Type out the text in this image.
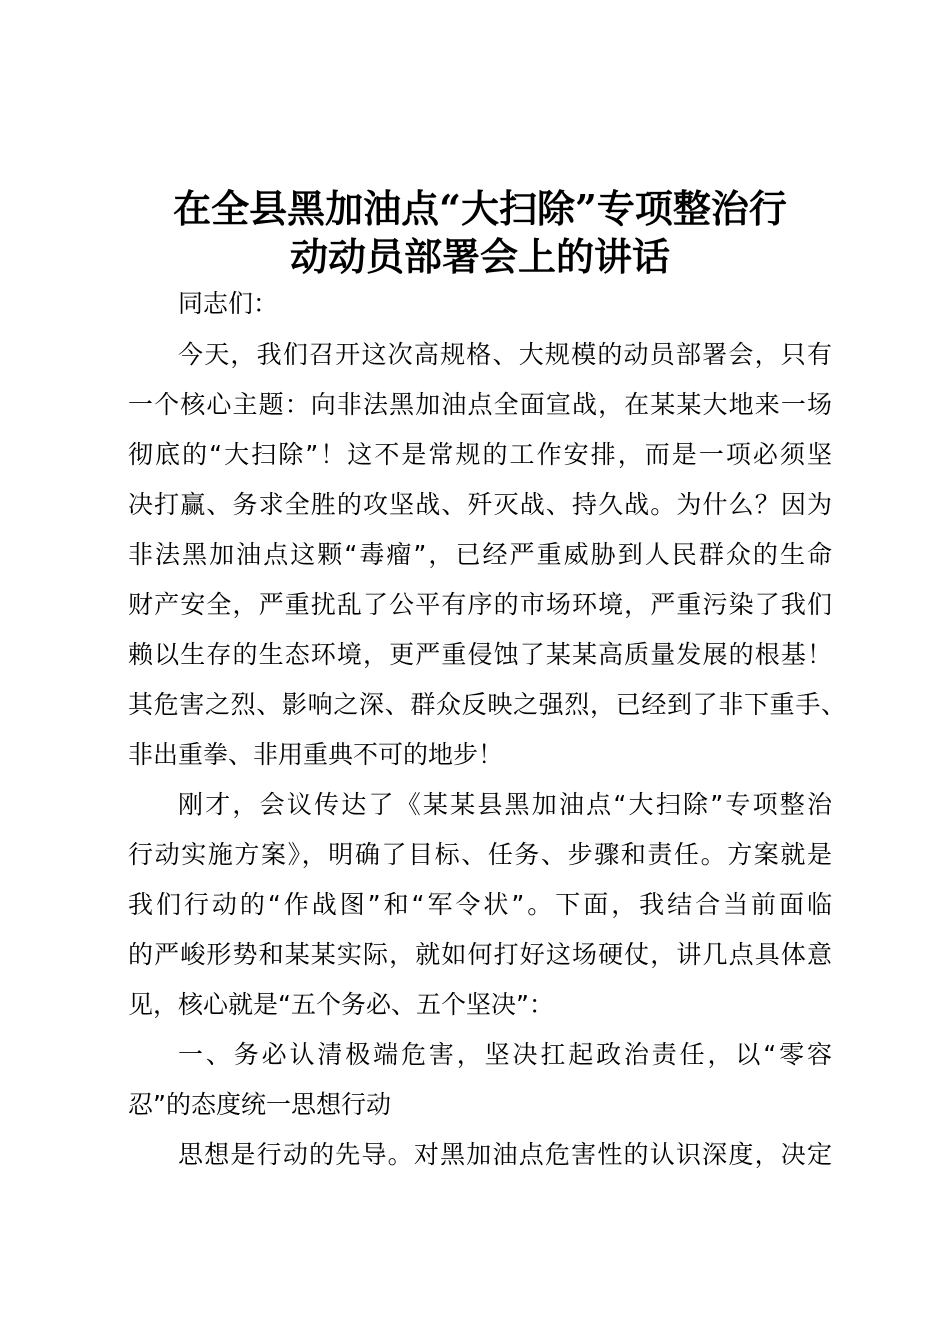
在全县黑加油点“大扫除”专项整治行
动动员部署会上的讲话
同志们：
今天，我们召开这次高规格、大规模的动员部署会，只有
一个核心主题：向非法黑加油点全面宣战，在某某大地来一场
彻底的“大扫除”！这不是常规的工作安排，而是一项必须坚
决打赢、务求全胜的攻坚战、歼灭战、持久战。为什么？因为
非法黑加油点这颗“毒瘤”，已经严重威胁到人民群众的生命
财产安全，严重扰乱了公平有序的市场环境，严重污染了我们
赖以生存的生态环境，更严重侵蚀了某某高质量发展的根基！
其危害之烈、影响之深、群众反映之强烈，已经到了非下重手、
非出重拳、非用重典不可的地步！
刚才，会议传达了《某某县黑加油点“大扫除”专项整治
行动实施方案》，明确了目标、任务、步骤和责任。方案就是
我们行动的“作战图”和“军令状”。下面，我结合当前面临
的严峻形势和某某实际，就如何打好这场硬仗，讲几点具体意
见，核心就是“五个务必、五个坚决”：
一、务必认清极端危害，坚决扛起政治责任，以“零容
忍”的态度统一思想行动
思想是行动的先导。对黑加油点危害性的认识深度，决定
